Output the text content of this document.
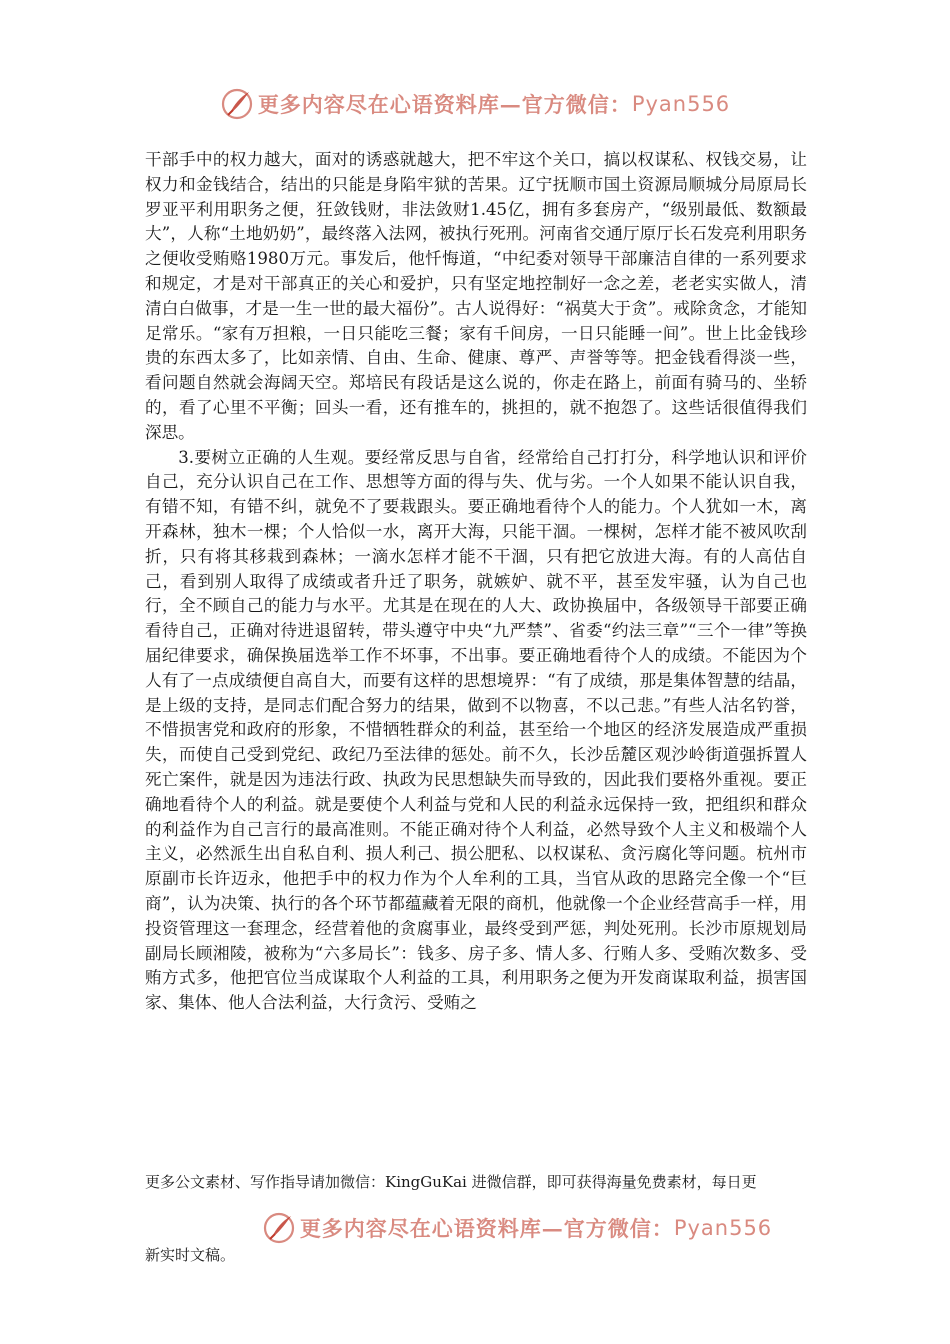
更多内容尽在心语资料库—官方微信： Pyan556

干部手中的权力越大，面对的诱惑就越大，把不牢这个关口，搞以权谋私、权钱交易，让权力和金钱结合，结出的只能是身陷牢狱的苦果。辽宁抚顺市国土资源局顺城分局原局长罗亚平利用职务之便，狂敛钱财，非法敛财1.45亿，拥有多套房产，“级别最低、数额最大”，人称“土地奶奶”，最终落入法网，被执行死刑。河南省交通厅原厅长石发亮利用职务之便收受贿赂1980万元。事发后，他忏悔道，“中纪委对领导干部廉洁自律的一系列要求和规定，才是对干部真正的关心和爱护，只有坚定地控制好一念之差，老老实实做人，清清白白做事，才是一生一世的最大福份”。古人说得好：“祸莫大于贪”。戒除贪念，才能知足常乐。“家有万担粮，一日只能吃三餐；家有千间房，一日只能睡一间”。世上比金钱珍贵的东西太多了，比如亲情、自由、生命、健康、尊严、声誉等等。把金钱看得淡一些，看问题自然就会海阔天空。郑培民有段话是这么说的，你走在路上，前面有骑马的、坐轿的，看了心里不平衡；回头一看，还有推车的，挑担的，就不抱怨了。这些话很值得我们深思。

3.要树立正确的人生观。要经常反思与自省，经常给自己打打分，科学地认识和评价自己，充分认识自己在工作、思想等方面的得与失、优与劣。一个人如果不能认识自我，有错不知，有错不纠，就免不了要栽跟头。要正确地看待个人的能力。个人犹如一木，离开森林，独木一棵；个人恰似一水，离开大海，只能干涸。一棵树，怎样才能不被风吹刮折，只有将其移栽到森林；一滴水怎样才能不干涸，只有把它放进大海。有的人高估自己，看到别人取得了成绩或者升迁了职务，就嫉妒、就不平，甚至发牢骚，认为自己也行，全不顾自己的能力与水平。尤其是在现在的人大、政协换届中，各级领导干部要正确看待自己，正确对待进退留转，带头遵守中央“九严禁”、省委“约法三章”“三个一律”等换届纪律要求，确保换届选举工作不坏事，不出事。要正确地看待个人的成绩。不能因为个人有了一点成绩便自高自大，而要有这样的思想境界：“有了成绩，那是集体智慧的结晶，是上级的支持，是同志们配合努力的结果，做到不以物喜，不以己悲。”有些人沽名钓誉，不惜损害党和政府的形象，不惜牺牲群众的利益，甚至给一个地区的经济发展造成严重损失，而使自己受到党纪、政纪乃至法律的惩处。前不久，长沙岳麓区观沙岭街道强拆置人死亡案件，就是因为违法行政、执政为民思想缺失而导致的，因此我们要格外重视。要正确地看待个人的利益。就是要使个人利益与党和人民的利益永远保持一致，把组织和群众的利益作为自己言行的最高准则。不能正确对待个人利益，必然导致个人主义和极端个人主义，必然派生出自私自利、损人利己、损公肥私、以权谋私、贪污腐化等问题。杭州市原副市长许迈永，他把手中的权力作为个人牟利的工具，当官从政的思路完全像一个“巨商”，认为决策、执行的各个环节都蕴藏着无限的商机，他就像一个企业经营高手一样，用投资管理这一套理念，经营着他的贪腐事业，最终受到严惩，判处死刑。长沙市原规划局副局长顾湘陵，被称为“六多局长”：钱多、房子多、情人多、行贿人多、受贿次数多、受贿方式多，他把官位当成谋取个人利益的工具，利用职务之便为开发商谋取利益，损害国家、集体、他人合法利益，大行贪污、受贿之

更多公文素材、写作指导请加微信：KingGuKai 进微信群，即可获得海量免费素材，每日更
更多内容尽在心语资料库—官方微信： Pyan556
新实时文稿。
